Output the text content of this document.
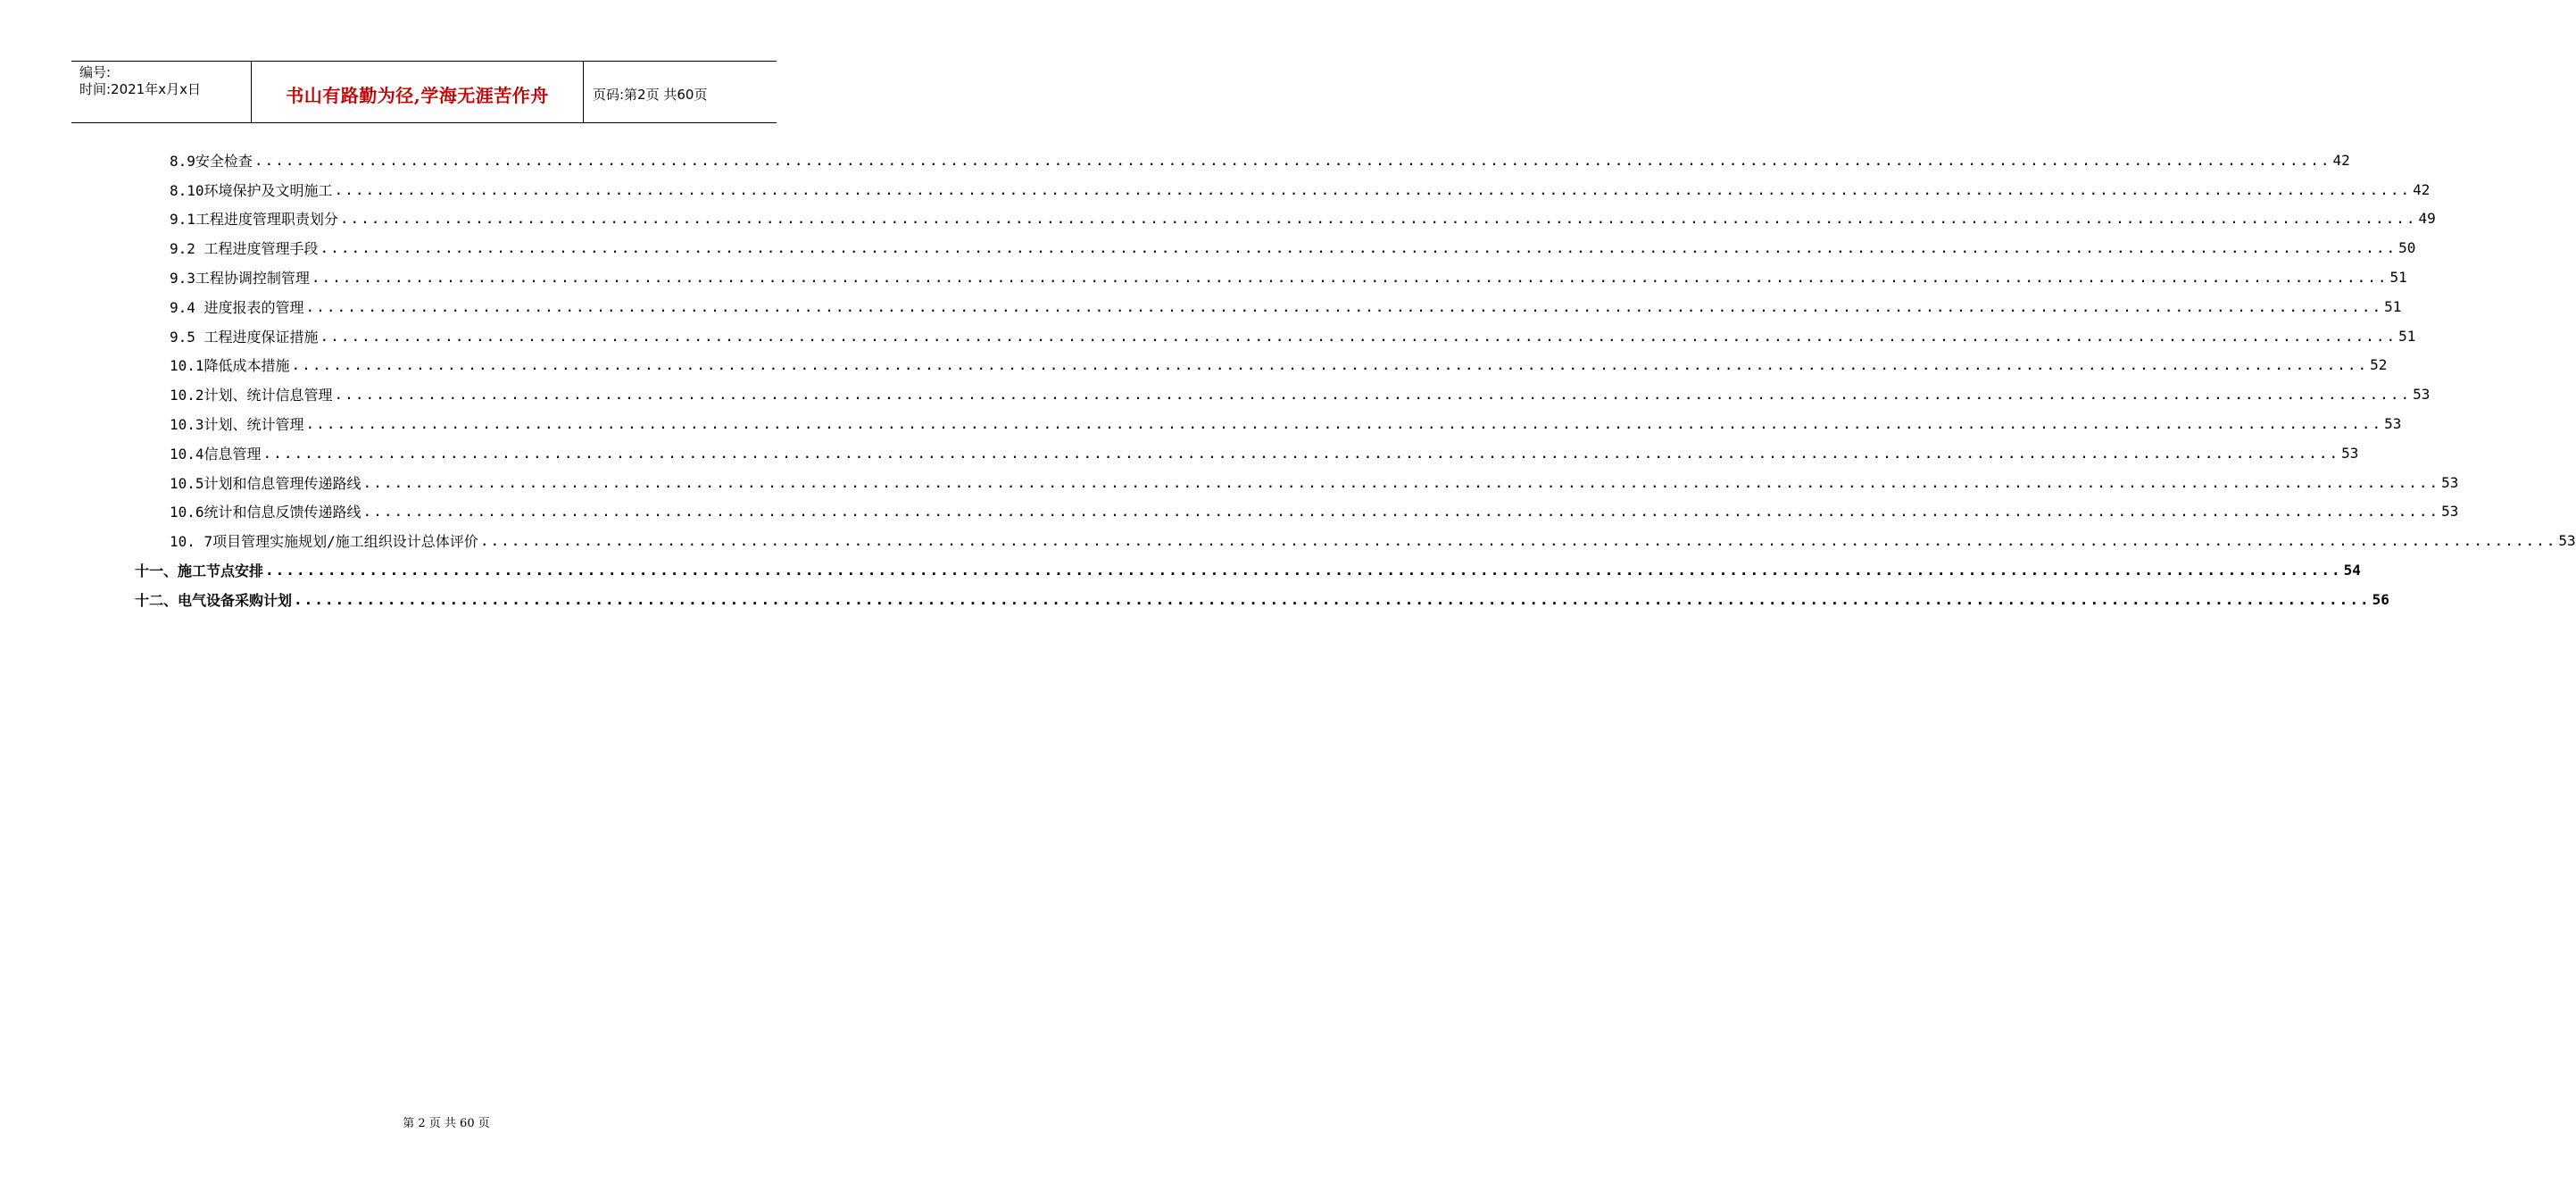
编号:
时间:2021年x月x日	书山有路勤为径,学海无涯苦作舟	页码:第2页 共60页
8.9安全检查 ........................................................................................................................................................................................................ 42
8.10环境保护及文明施工 ........................................................................................................................................................................................................ 42
9.1工程进度管理职责划分 ........................................................................................................................................................................................................ 49
9.2 工程进度管理手段 ........................................................................................................................................................................................................ 50
9.3工程协调控制管理 ........................................................................................................................................................................................................ 51
9.4 进度报表的管理 ........................................................................................................................................................................................................ 51
9.5 工程进度保证措施 ........................................................................................................................................................................................................ 51
10.1降低成本措施 ........................................................................................................................................................................................................ 52
10.2计划、统计信息管理 ........................................................................................................................................................................................................ 53
10.3计划、统计管理 ........................................................................................................................................................................................................ 53
10.4信息管理 ........................................................................................................................................................................................................ 53
10.5计划和信息管理传递路线 ........................................................................................................................................................................................................ 53
10.6统计和信息反馈传递路线 ........................................................................................................................................................................................................ 53
10. 7项目管理实施规划/施工组织设计总体评价 ........................................................................................................................................................................................................ 53
十一、施工节点安排 ........................................................................................................................................................................................................ 54
十二、电气设备采购计划 ........................................................................................................................................................................................................ 56
第 2 页 共 60 页
